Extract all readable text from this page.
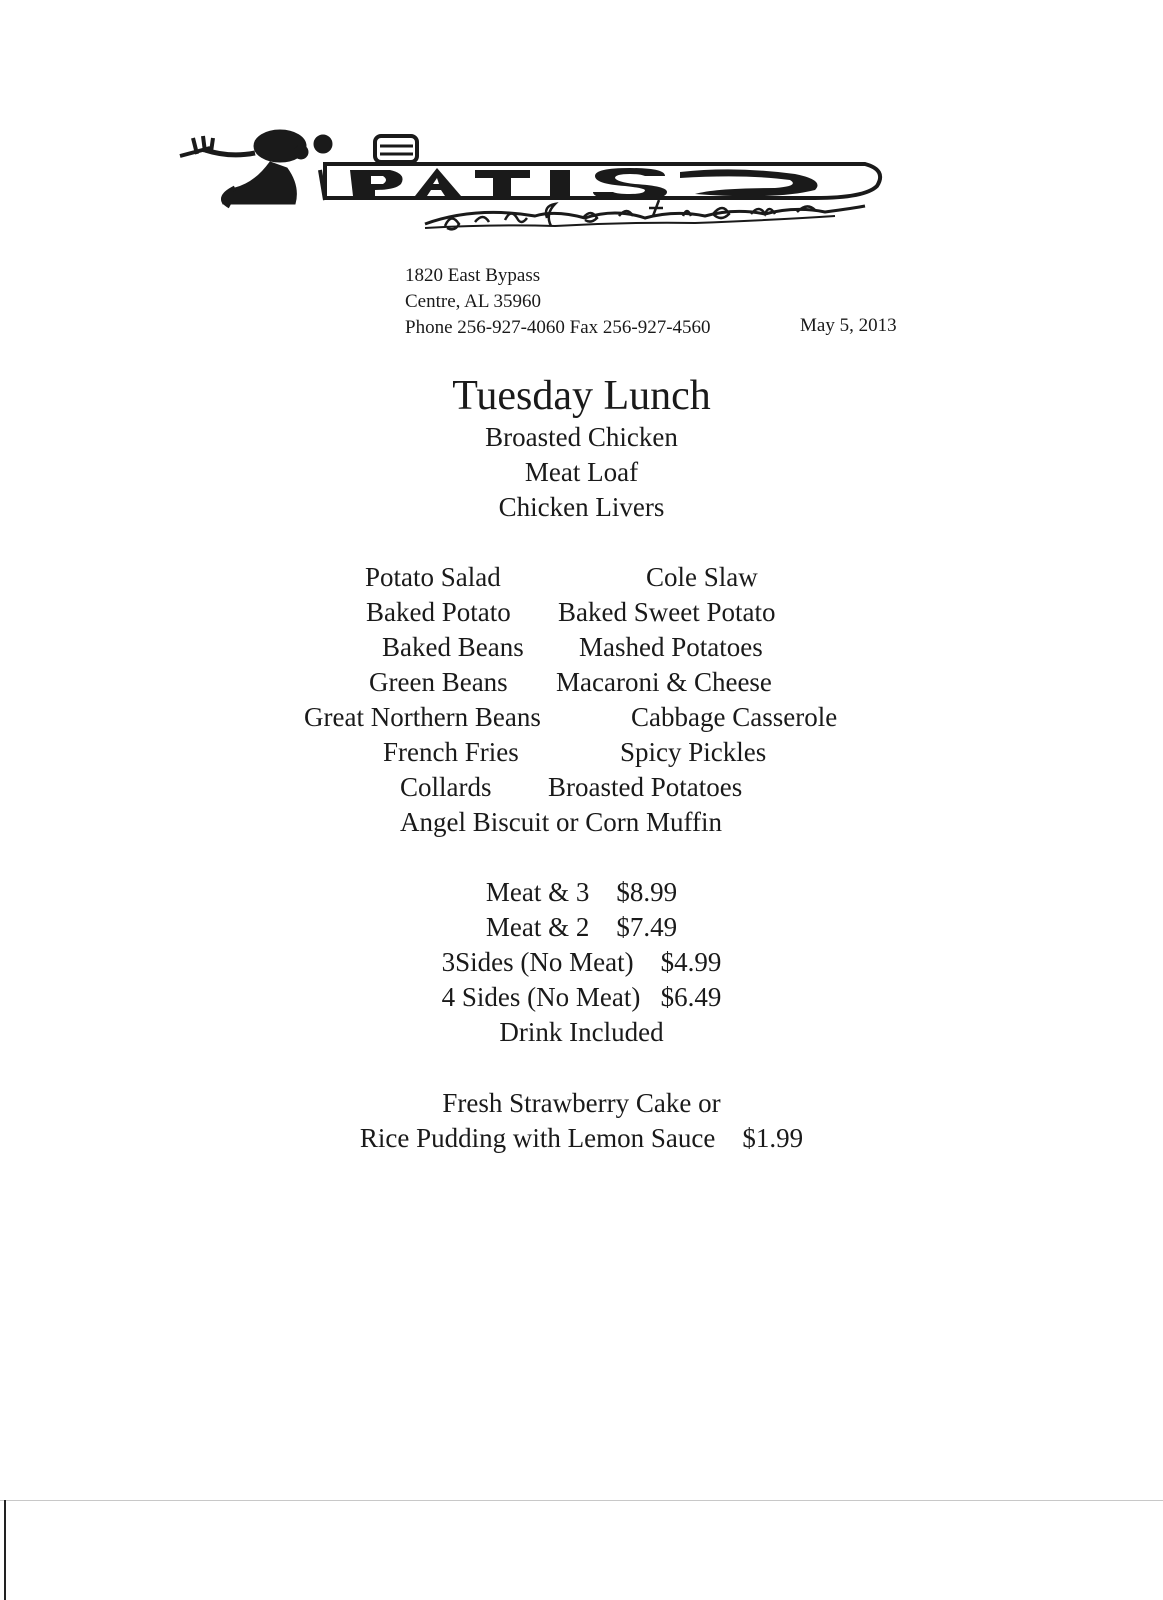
1820 East Bypass
Centre, AL 35960
Phone 256-927-4060 Fax 256-927-4560	May 5, 2013
Tuesday Lunch
Broasted Chicken
Meat Loaf
Chicken Livers
Potato Salad	Cole Slaw
Baked Potato Baked Sweet Potato
Baked Beans Mashed Potatoes
Green Beans Macaroni & Cheese
Great Northern Beans	Cabbage Casserole
French Fries	Spicy Pickles
Collards Broasted Potatoes
Angel Biscuit or Corn Muffin
Meat & 3 $8.99
Meat & 2 $7.49
3Sides (No Meat) $4.99
4 Sides (No Meat) $6.49
Drink Included
Fresh Strawberry Cake or
Rice Pudding with Lemon Sauce $1.99
